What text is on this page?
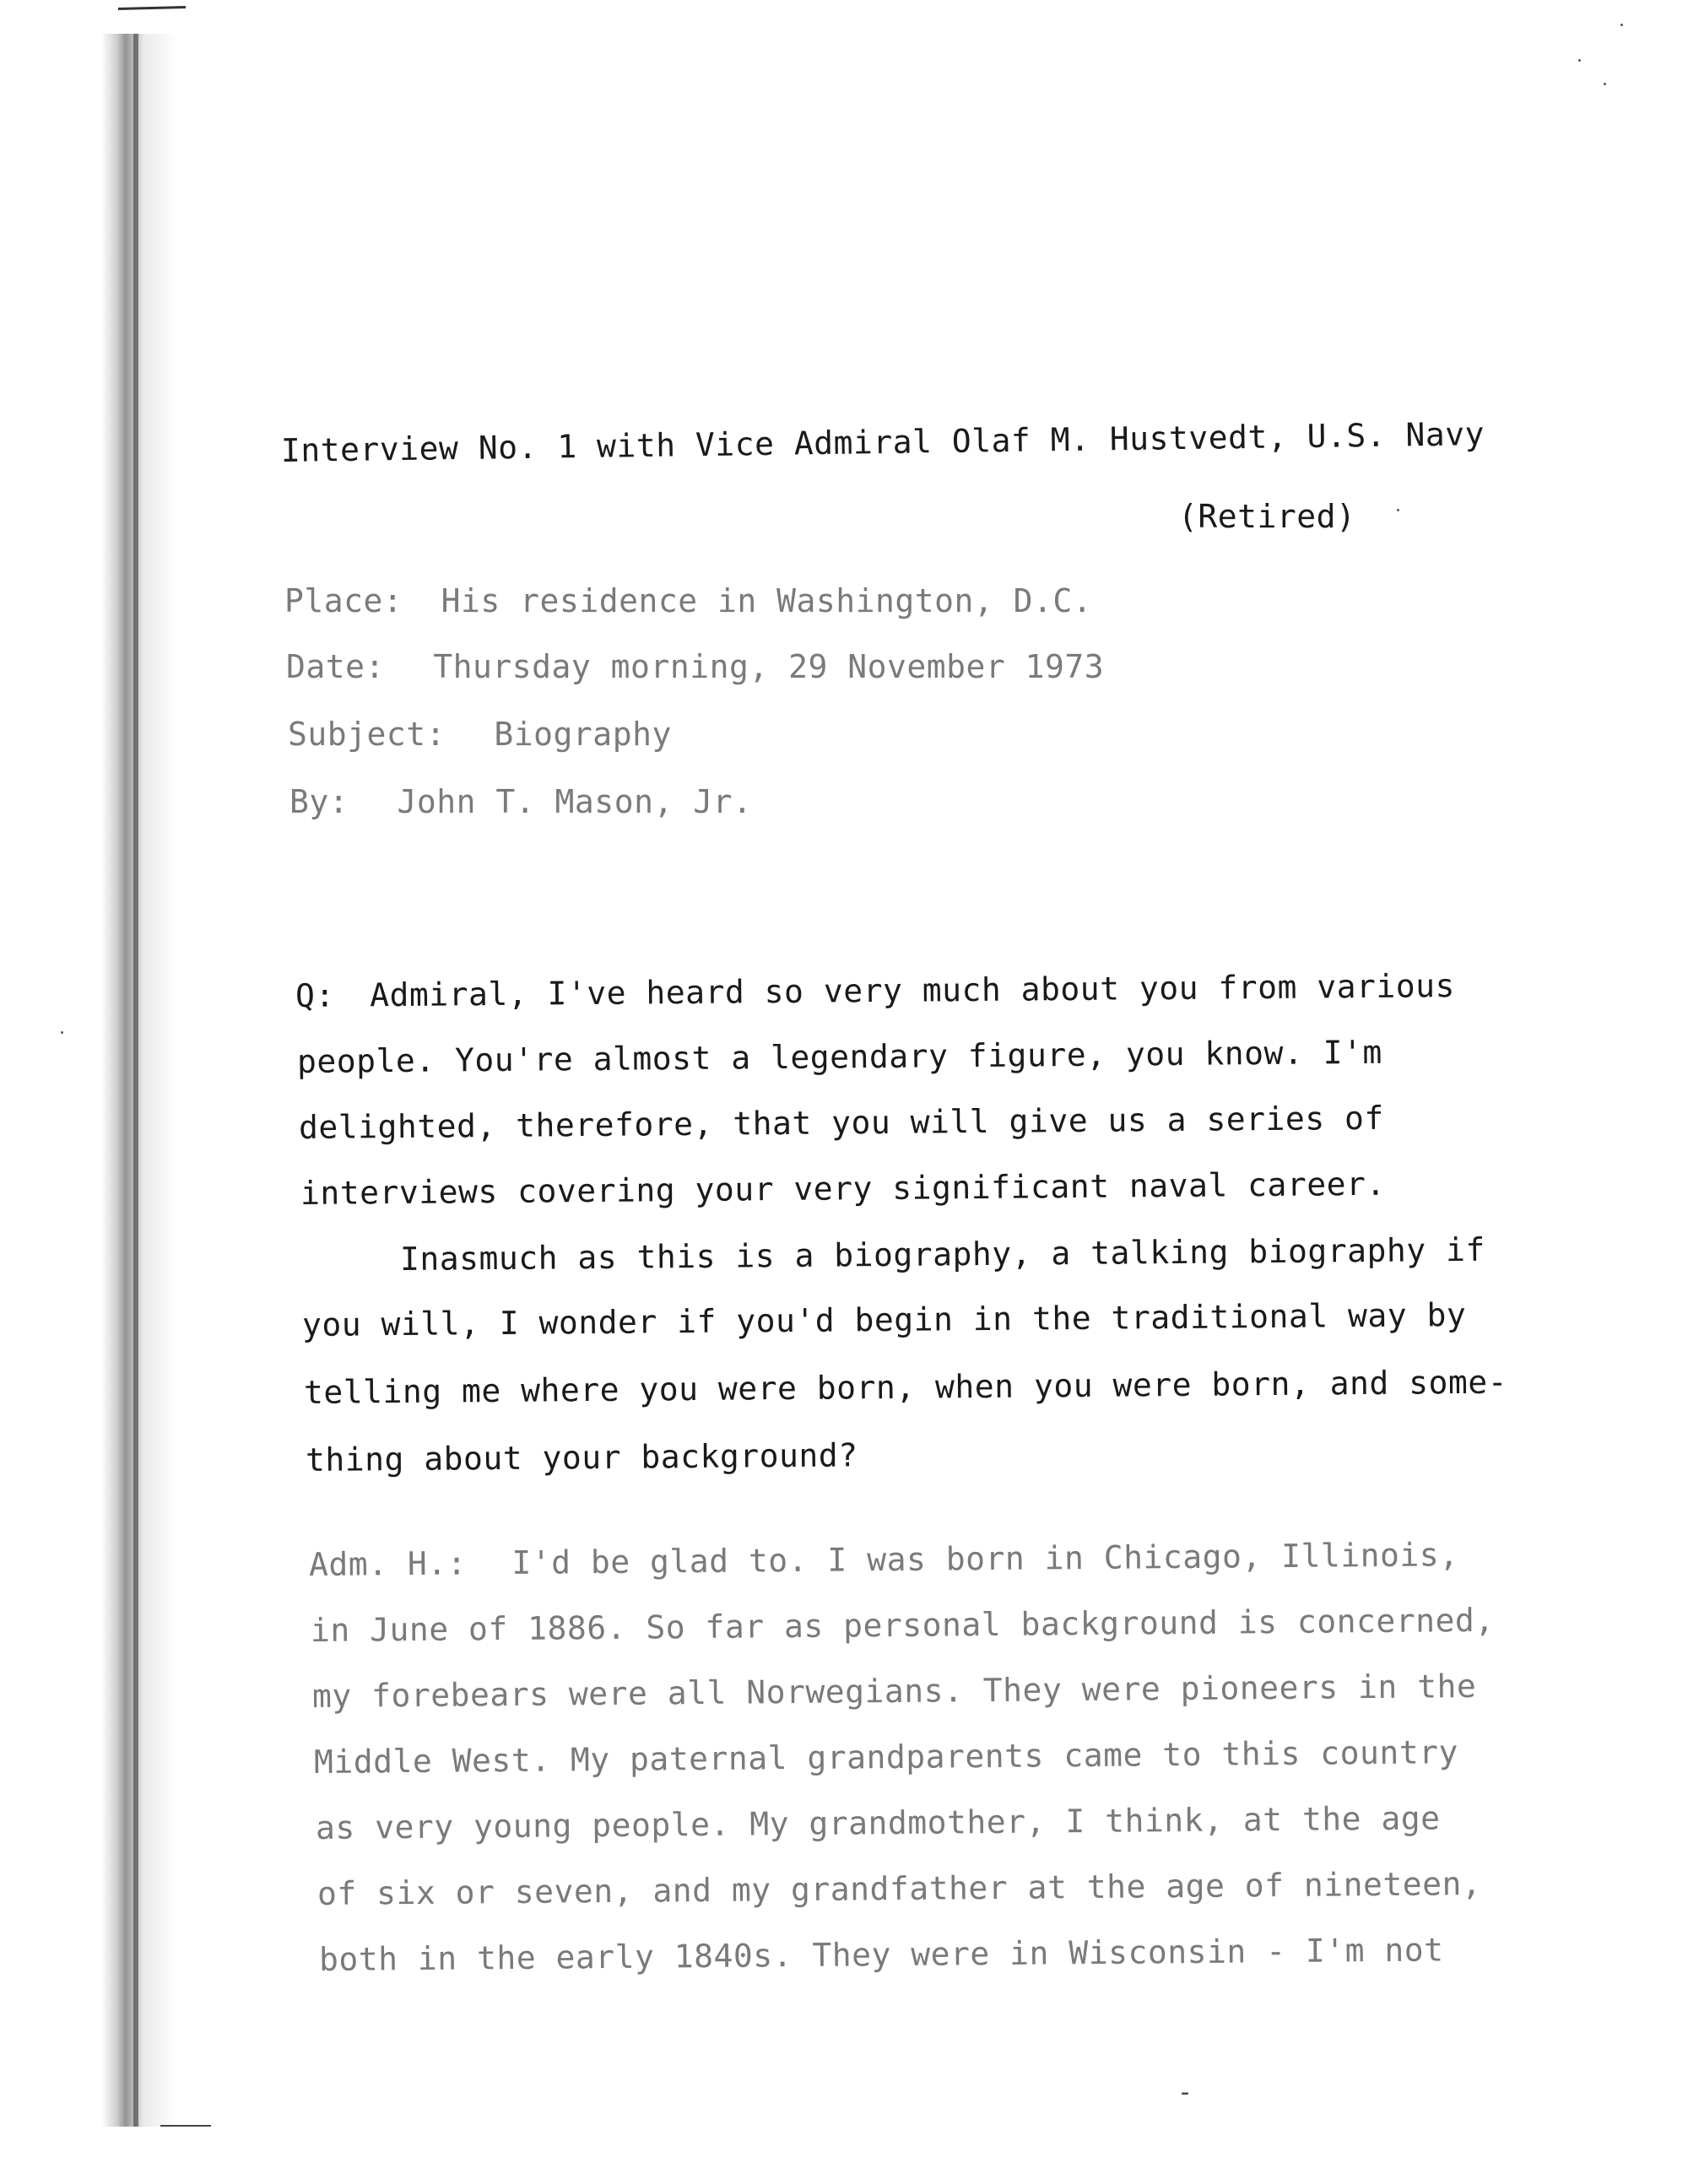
Interview No. 1 with Vice Admiral Olaf M. Hustvedt, U.S. Navy
(Retired)
Place: His residence in Washington, D.C.
Date: Thursday morning, 29 November 1973
Subject: Biography
By: John T. Mason, Jr.
Q: Admiral, I've heard so very much about you from various
people. You're almost a legendary figure, you know. I'm
delighted, therefore, that you will give us a series of
interviews covering your very significant naval career.
Inasmuch as this is a biography, a talking biography if
you will, I wonder if you'd begin in the traditional way by
telling me where you were born, when you were born, and some-
thing about your background?
Adm. H.: I'd be glad to. I was born in Chicago, Illinois,
in June of 1886. So far as personal background is concerned,
my forebears were all Norwegians. They were pioneers in the
Middle West. My paternal grandparents came to this country
as very young people. My grandmother, I think, at the age
of six or seven, and my grandfather at the age of nineteen,
both in the early 1840s. They were in Wisconsin - I'm not
-
